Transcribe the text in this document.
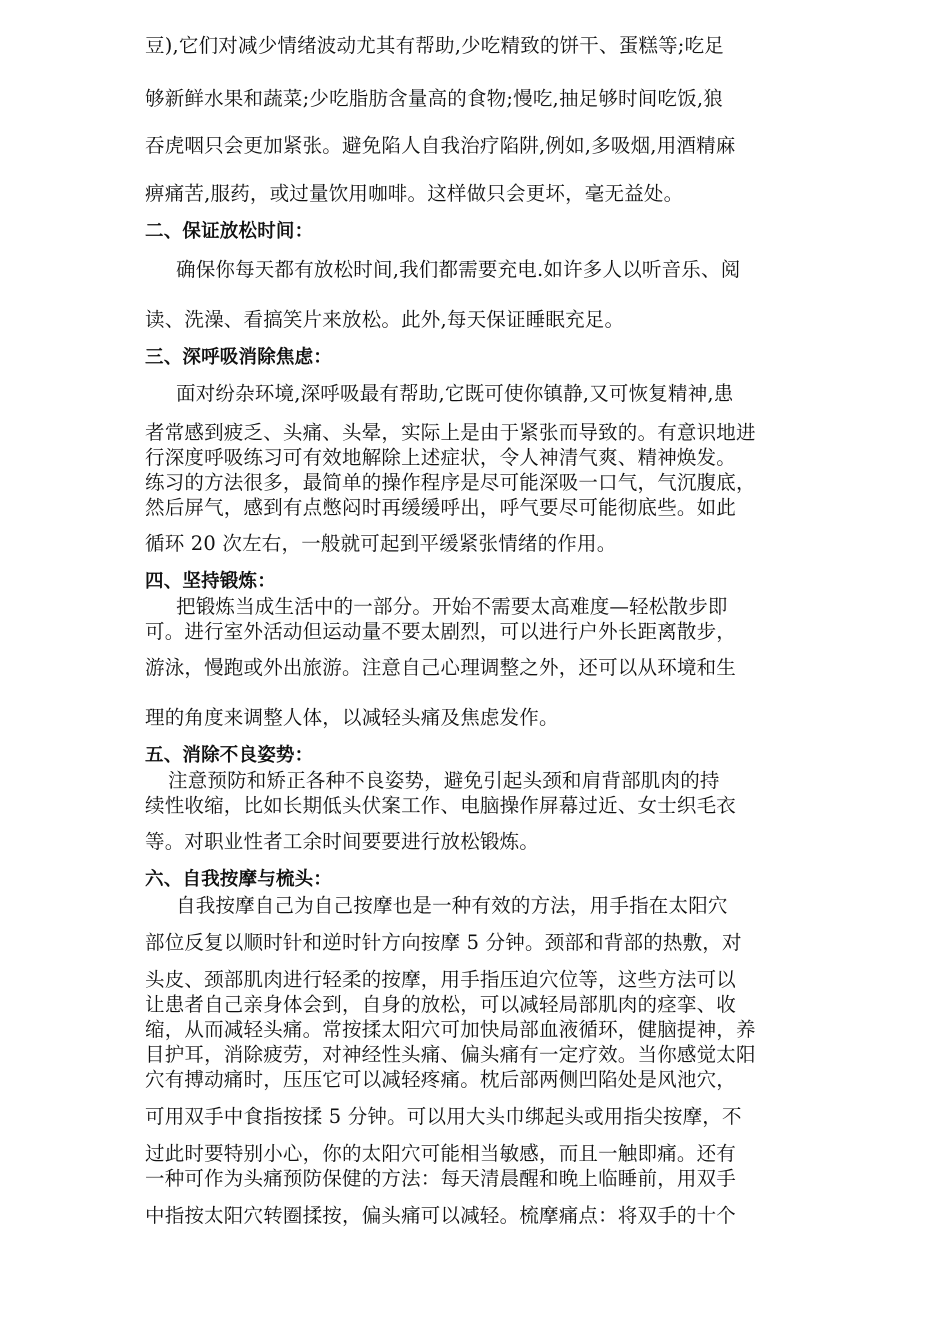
豆),它们对减少情绪波动尤其有帮助,少吃精致的饼干、蛋糕等;吃足
够新鲜水果和蔬菜;少吃脂肪含量高的食物;慢吃,抽足够时间吃饭,狼
吞虎咽只会更加紧张。避免陷人自我治疗陷阱,例如,多吸烟,用酒精麻
痹痛苦,服药，或过量饮用咖啡。这样做只会更坏，毫无益处。
二、保证放松时间：
确保你每天都有放松时间,我们都需要充电.如许多人以听音乐、阅
读、洗澡、看搞笑片来放松。此外,每天保证睡眠充足。
三、深呼吸消除焦虑：
面对纷杂环境,深呼吸最有帮助,它既可使你镇静,又可恢复精神,患
者常感到疲乏、头痛、头晕，实际上是由于紧张而导致的。有意识地进
行深度呼吸练习可有效地解除上述症状，令人神清气爽、精神焕发。
练习的方法很多，最简单的操作程序是尽可能深吸一口气，气沉腹底，
然后屏气，感到有点憋闷时再缓缓呼出，呼气要尽可能彻底些。如此
循环 20 次左右，一般就可起到平缓紧张情绪的作用。
四、坚持锻炼：
把锻炼当成生活中的一部分。开始不需要太高难度—轻松散步即
可。进行室外活动但运动量不要太剧烈，可以进行户外长距离散步，
游泳，慢跑或外出旅游。注意自己心理调整之外，还可以从环境和生
理的角度来调整人体，以减轻头痛及焦虑发作。
五、消除不良姿势：
注意预防和矫正各种不良姿势，避免引起头颈和肩背部肌肉的持
续性收缩，比如长期低头伏案工作、电脑操作屏幕过近、女士织毛衣
等。对职业性者工余时间要要进行放松锻炼。
六、自我按摩与梳头：
自我按摩自己为自己按摩也是一种有效的方法，用手指在太阳穴
部位反复以顺时针和逆时针方向按摩 5 分钟。颈部和背部的热敷，对
头皮、颈部肌肉进行轻柔的按摩，用手指压迫穴位等，这些方法可以
让患者自己亲身体会到，自身的放松，可以减轻局部肌肉的痉挛、收
缩，从而减轻头痛。常按揉太阳穴可加快局部血液循环，健脑提神，养
目护耳，消除疲劳，对神经性头痛、偏头痛有一定疗效。当你感觉太阳
穴有搏动痛时，压压它可以减轻疼痛。枕后部两侧凹陷处是风池穴，
可用双手中食指按揉 5 分钟。可以用大头巾绑起头或用指尖按摩，不
过此时要特别小心，你的太阳穴可能相当敏感，而且一触即痛。还有
一种可作为头痛预防保健的方法：每天清晨醒和晚上临睡前，用双手
中指按太阳穴转圈揉按，偏头痛可以减轻。梳摩痛点：将双手的十个
